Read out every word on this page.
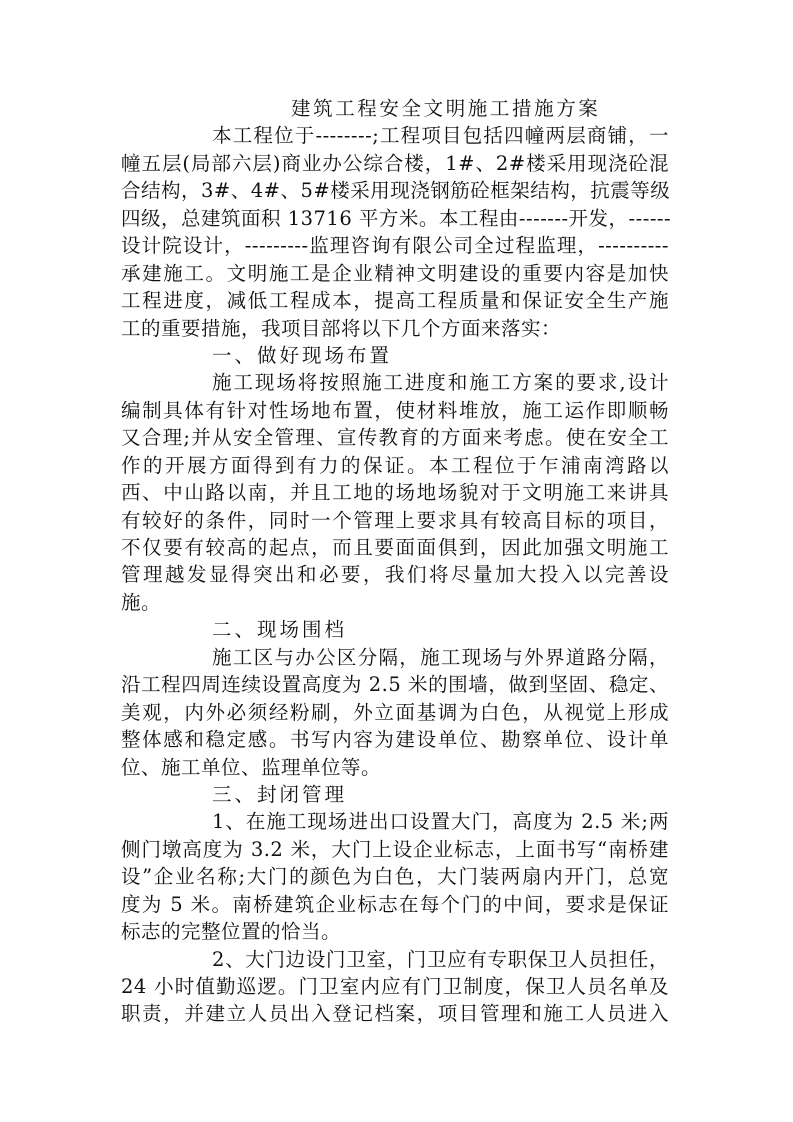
建筑工程安全文明施工措施方案
本工程位于--------;工程项目包括四幢两层商铺，一
幢五层(局部六层)商业办公综合楼，1#、2#楼采用现浇砼混
合结构，3#、4#、5#楼采用现浇钢筋砼框架结构，抗震等级
四级，总建筑面积 13716 平方米。本工程由-------开发，------
设计院设计，---------监理咨询有限公司全过程监理，----------
承建施工。文明施工是企业精神文明建设的重要内容是加快
工程进度，减低工程成本，提高工程质量和保证安全生产施
工的重要措施，我项目部将以下几个方面来落实：
一、做好现场布置
施工现场将按照施工进度和施工方案的要求,设计
编制具体有针对性场地布置，使材料堆放，施工运作即顺畅
又合理;并从安全管理、宣传教育的方面来考虑。使在安全工
作的开展方面得到有力的保证。本工程位于乍浦南湾路以
西、中山路以南，并且工地的场地场貌对于文明施工来讲具
有较好的条件，同时一个管理上要求具有较高目标的项目，
不仅要有较高的起点，而且要面面俱到，因此加强文明施工
管理越发显得突出和必要，我们将尽量加大投入以完善设
施。
二、现场围档
施工区与办公区分隔，施工现场与外界道路分隔，
沿工程四周连续设置高度为 2.5 米的围墙，做到坚固、稳定、
美观，内外必须经粉刷，外立面基调为白色，从视觉上形成
整体感和稳定感。书写内容为建设单位、勘察单位、设计单
位、施工单位、监理单位等。
三、封闭管理
1、在施工现场进出口设置大门，高度为 2.5 米;两
侧门墩高度为 3.2 米，大门上设企业标志，上面书写“南桥建
设”企业名称;大门的颜色为白色，大门装两扇内开门，总宽
度为 5 米。南桥建筑企业标志在每个门的中间，要求是保证
标志的完整位置的恰当。
2、大门边设门卫室，门卫应有专职保卫人员担任，
24 小时值勤巡逻。门卫室内应有门卫制度，保卫人员名单及
职责，并建立人员出入登记档案，项目管理和施工人员进入
